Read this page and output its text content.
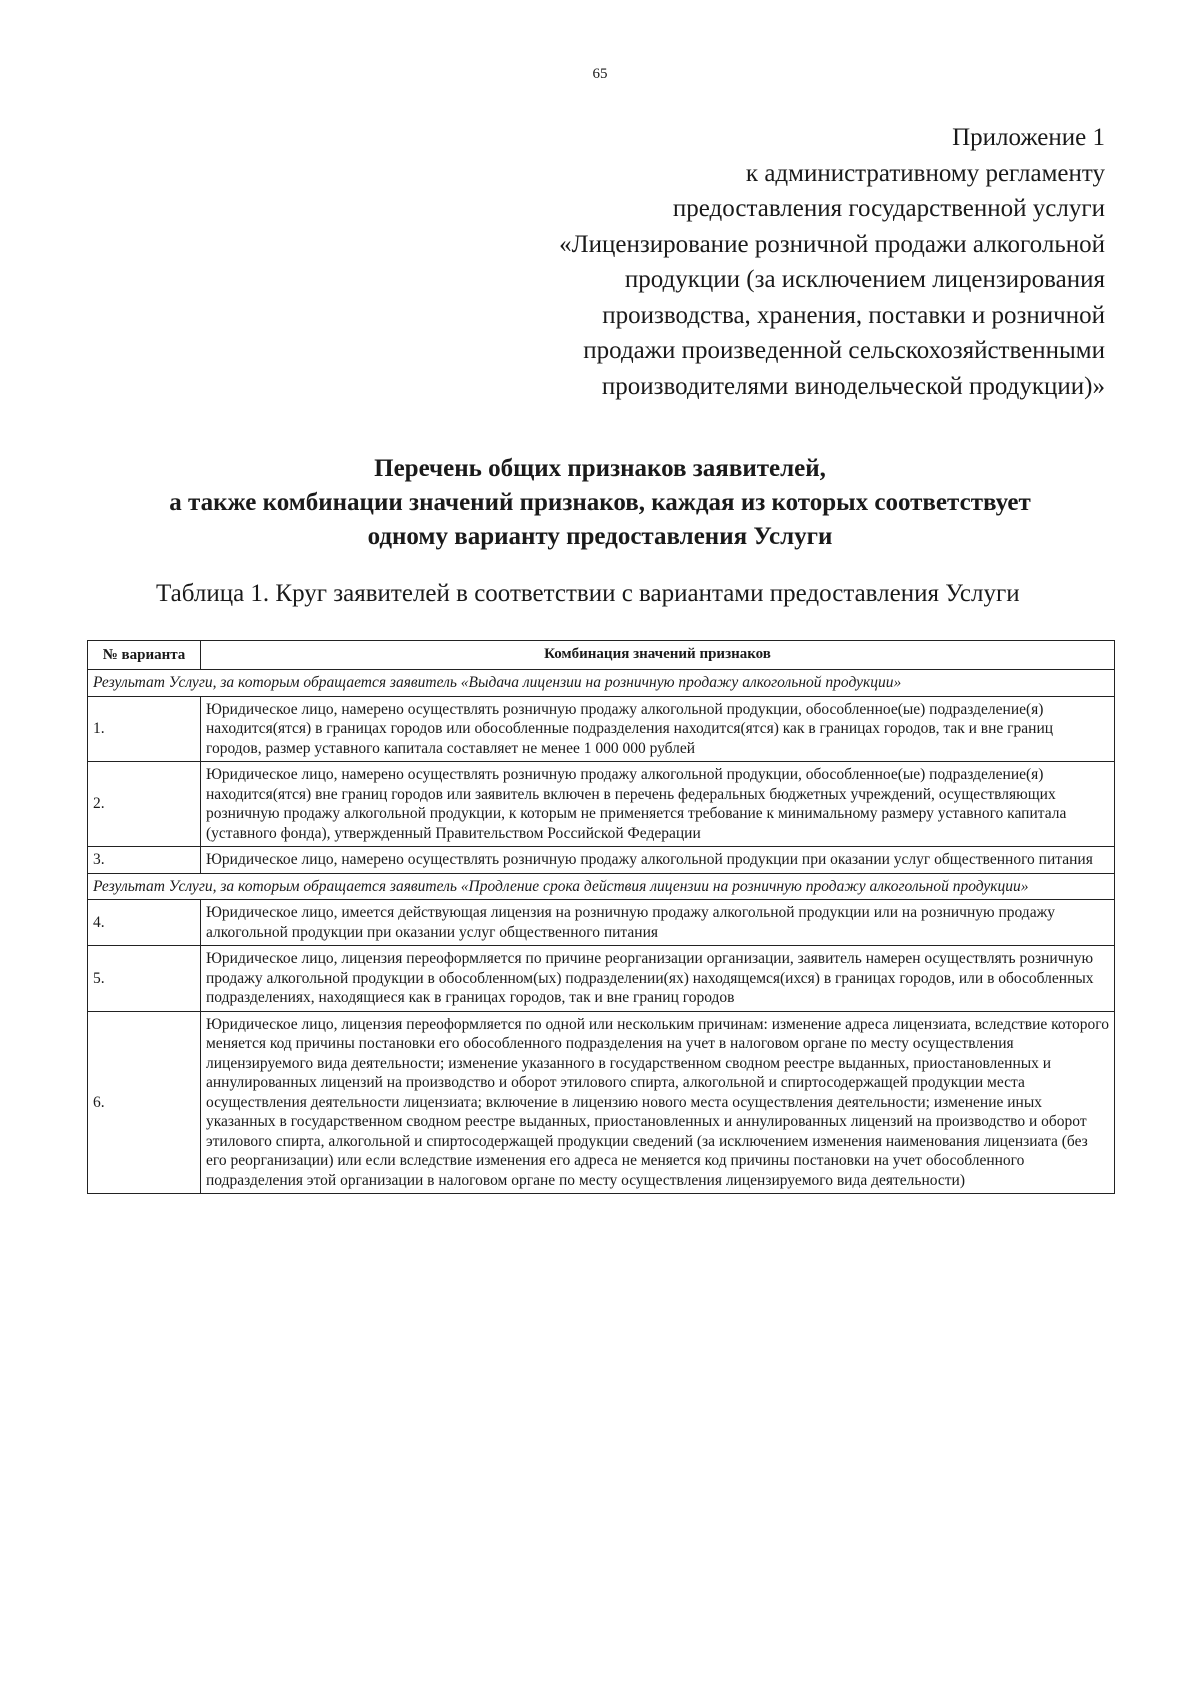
65
Приложение 1
к административному регламенту
предоставления государственной услуги
«Лицензирование розничной продажи алкогольной
продукции (за исключением лицензирования
производства, хранения, поставки и розничной
продажи произведенной сельскохозяйственными
производителями винодельческой продукции)»
Перечень общих признаков заявителей,
а также комбинации значений признаков, каждая из которых соответствует
одному варианту предоставления Услуги
Таблица 1. Круг заявителей в соответствии с вариантами предоставления Услуги
№ варианта	Комбинация значений признаков
Результат Услуги, за которым обращается заявитель «Выдача лицензии на розничную продажу алкогольной продукции»	
1.	Юридическое лицо, намерено осуществлять розничную продажу алкогольной продукции, обособленное(ые) подразделение(я) находится(ятся) в границах городов или обособленные подразделения находится(ятся) как в границах городов, так и вне границ городов, размер уставного капитала составляет не менее 1 000 000 рублей
2.	Юридическое лицо, намерено осуществлять розничную продажу алкогольной продукции, обособленное(ые) подразделение(я) находится(ятся) вне границ городов или заявитель включен в перечень федеральных бюджетных учреждений, осуществляющих розничную продажу алкогольной продукции, к которым не применяется требование к минимальному размеру уставного капитала (уставного фонда), утвержденный Правительством Российской Федерации
3.	Юридическое лицо, намерено осуществлять розничную продажу алкогольной продукции при оказании услуг общественного питания
Результат Услуги, за которым обращается заявитель «Продление срока действия лицензии на розничную продажу алкогольной продукции»	
4.	Юридическое лицо, имеется действующая лицензия на розничную продажу алкогольной продукции или на розничную продажу алкогольной продукции при оказании услуг общественного питания
5.	Юридическое лицо, лицензия переоформляется по причине реорганизации организации, заявитель намерен осуществлять розничную продажу алкогольной продукции в обособленном(ых) подразделении(ях) находящемся(ихся) в границах городов, или в обособленных подразделениях, находящиеся как в границах городов, так и вне границ городов
6.	Юридическое лицо, лицензия переоформляется по одной или нескольким причинам: изменение адреса лицензиата, вследствие которого меняется код причины постановки его обособленного подразделения на учет в налоговом органе по месту осуществления лицензируемого вида деятельности; изменение указанного в государственном сводном реестре выданных, приостановленных и аннулированных лицензий на производство и оборот этилового спирта, алкогольной и спиртосодержащей продукции места осуществления деятельности лицензиата; включение в лицензию нового места осуществления деятельности; изменение иных указанных в государственном сводном реестре выданных, приостановленных и аннулированных лицензий на производство и оборот этилового спирта, алкогольной и спиртосодержащей продукции сведений (за исключением изменения наименования лицензиата (без его реорганизации) или если вследствие изменения его адреса не меняется код причины постановки на учет обособленного подразделения этой организации в налоговом органе по месту осуществления лицензируемого вида деятельности)
